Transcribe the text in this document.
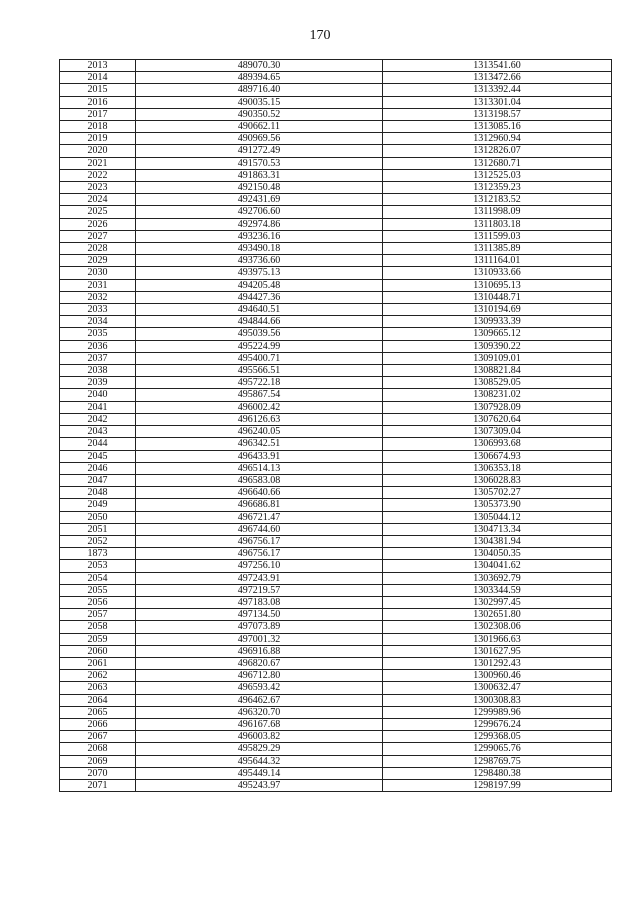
170
2013	489070.30	1313541.60
2014	489394.65	1313472.66
2015	489716.40	1313392.44
2016	490035.15	1313301.04
2017	490350.52	1313198.57
2018	490662.11	1313085.16
2019	490969.56	1312960.94
2020	491272.49	1312826.07
2021	491570.53	1312680.71
2022	491863.31	1312525.03
2023	492150.48	1312359.23
2024	492431.69	1312183.52
2025	492706.60	1311998.09
2026	492974.86	1311803.18
2027	493236.16	1311599.03
2028	493490.18	1311385.89
2029	493736.60	1311164.01
2030	493975.13	1310933.66
2031	494205.48	1310695.13
2032	494427.36	1310448.71
2033	494640.51	1310194.69
2034	494844.66	1309933.39
2035	495039.56	1309665.12
2036	495224.99	1309390.22
2037	495400.71	1309109.01
2038	495566.51	1308821.84
2039	495722.18	1308529.05
2040	495867.54	1308231.02
2041	496002.42	1307928.09
2042	496126.63	1307620.64
2043	496240.05	1307309.04
2044	496342.51	1306993.68
2045	496433.91	1306674.93
2046	496514.13	1306353.18
2047	496583.08	1306028.83
2048	496640.66	1305702.27
2049	496686.81	1305373.90
2050	496721.47	1305044.12
2051	496744.60	1304713.34
2052	496756.17	1304381.94
1873	496756.17	1304050.35
2053	497256.10	1304041.62
2054	497243.91	1303692.79
2055	497219.57	1303344.59
2056	497183.08	1302997.45
2057	497134.50	1302651.80
2058	497073.89	1302308.06
2059	497001.32	1301966.63
2060	496916.88	1301627.95
2061	496820.67	1301292.43
2062	496712.80	1300960.46
2063	496593.42	1300632.47
2064	496462.67	1300308.83
2065	496320.70	1299989.96
2066	496167.68	1299676.24
2067	496003.82	1299368.05
2068	495829.29	1299065.76
2069	495644.32	1298769.75
2070	495449.14	1298480.38
2071	495243.97	1298197.99
